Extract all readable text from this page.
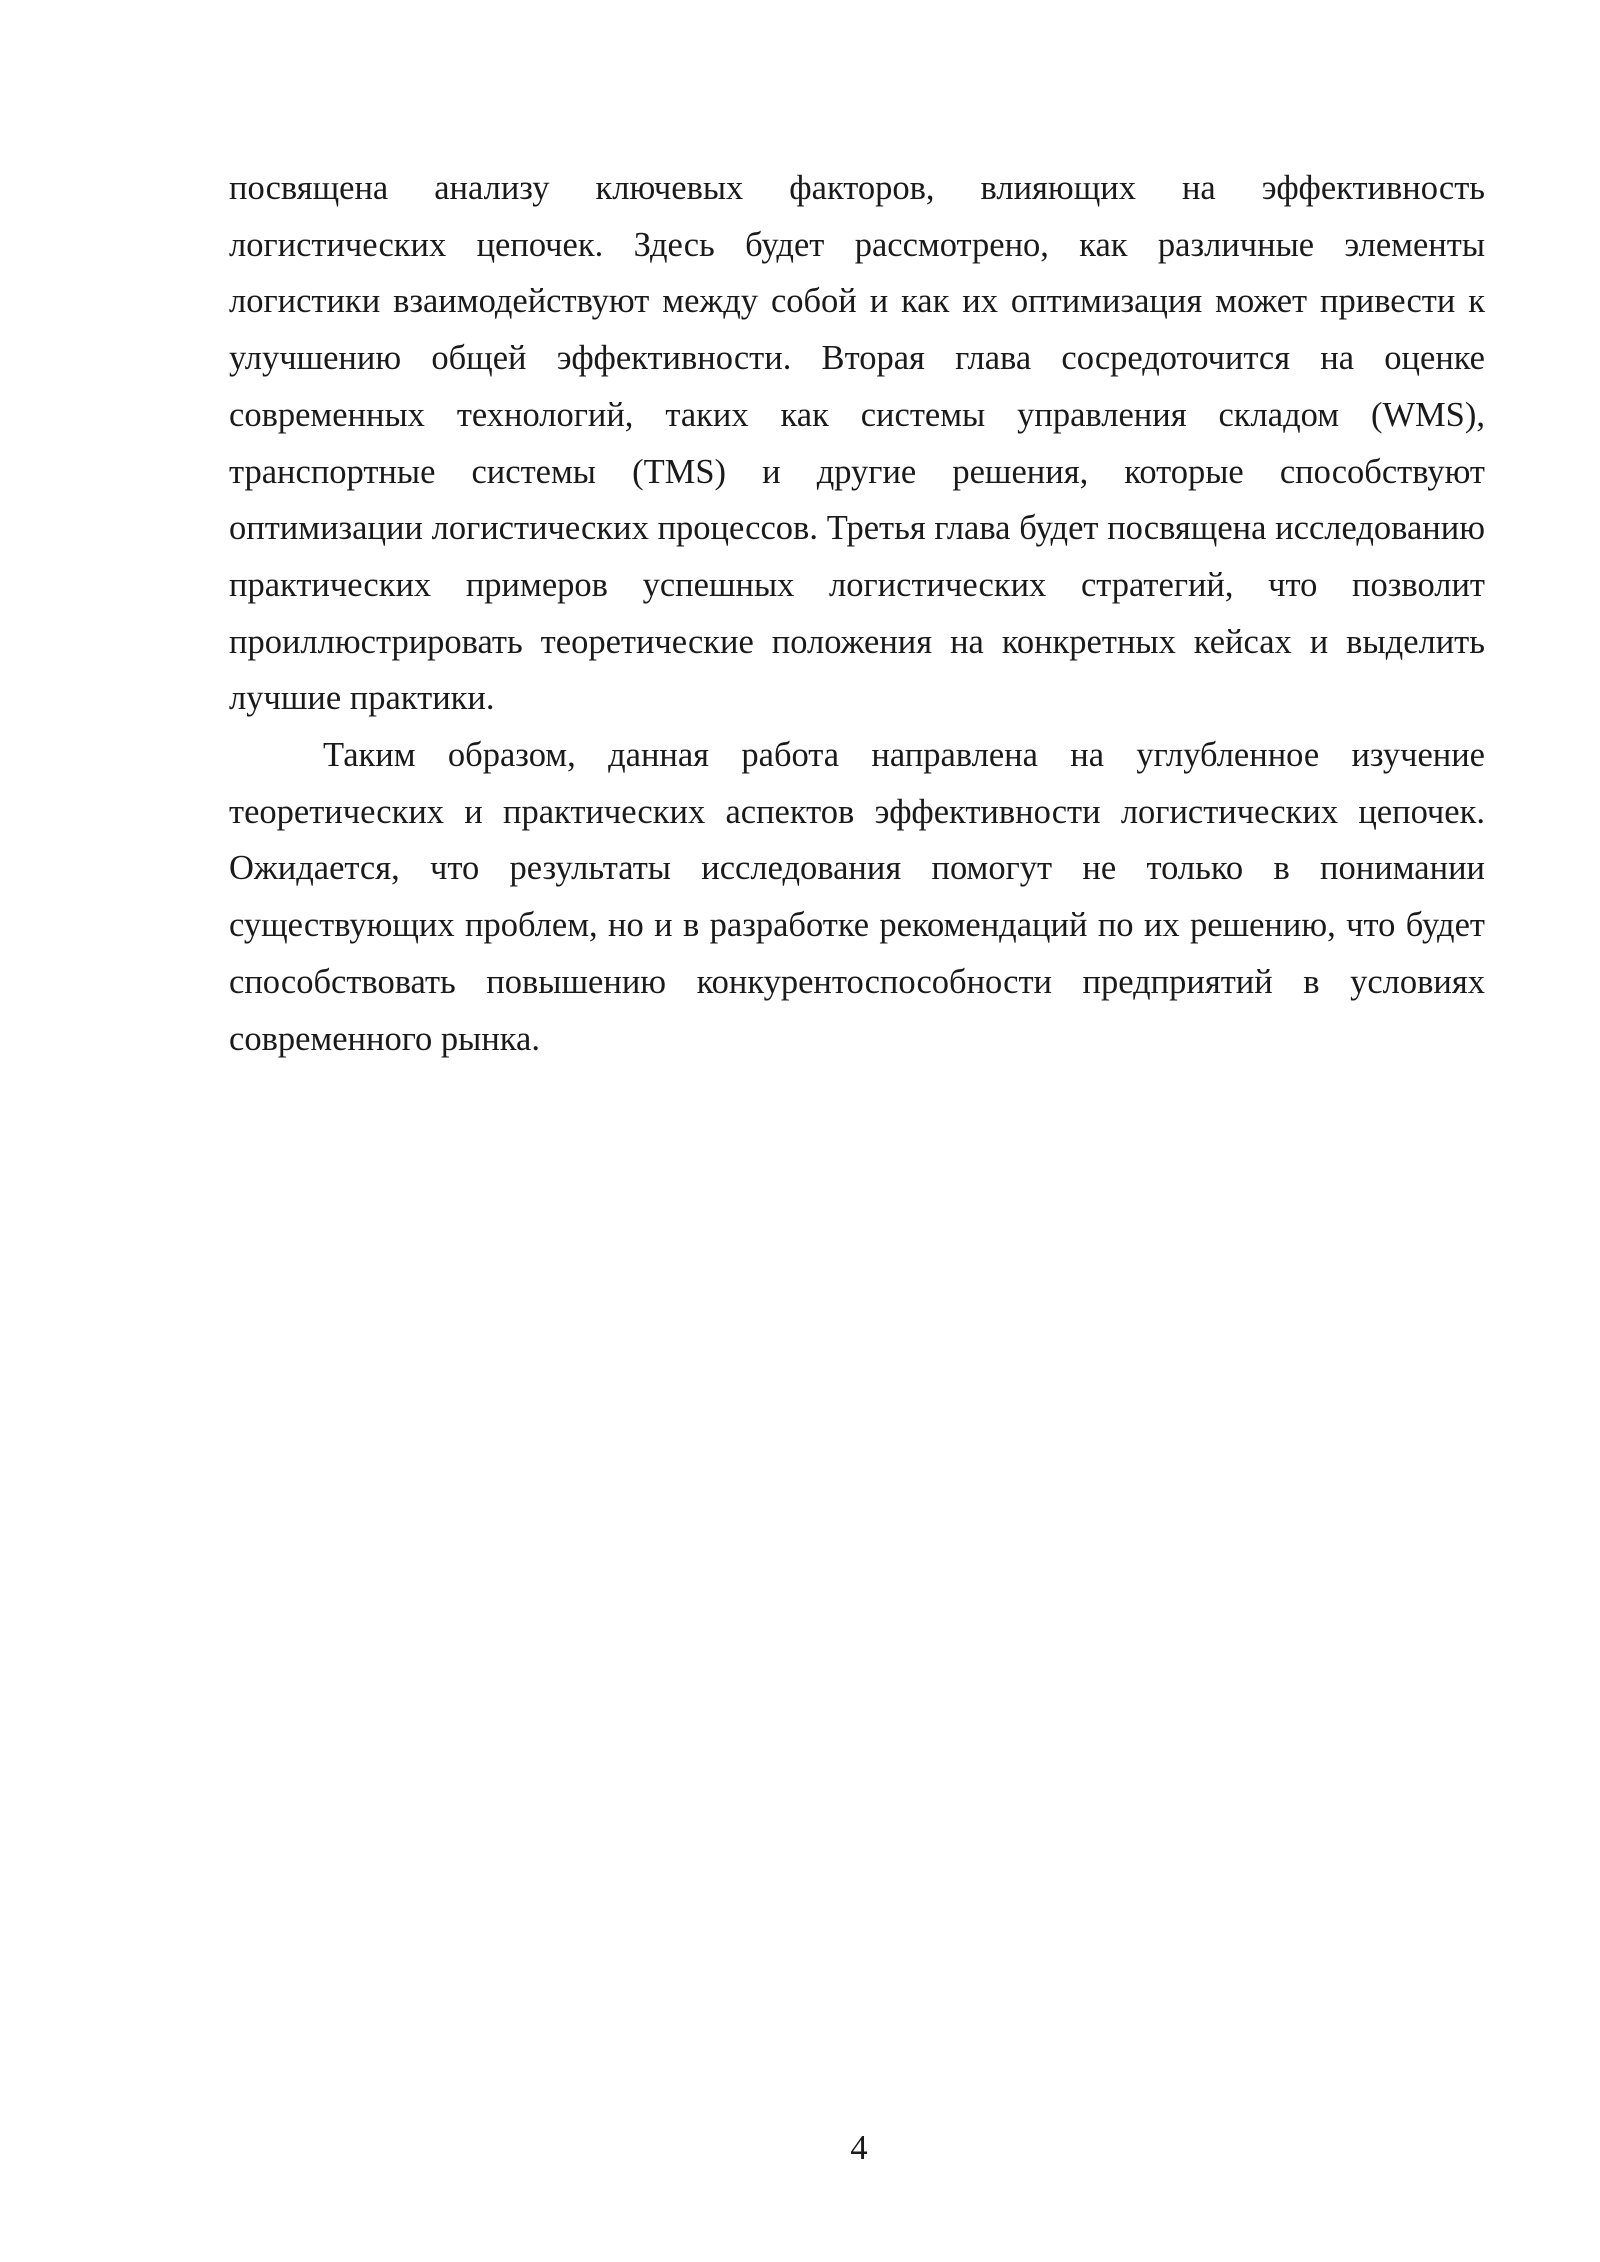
посвящена анализу ключевых факторов, влияющих на эффективность логистических цепочек. Здесь будет рассмотрено, как различные элементы логистики взаимодействуют между собой и как их оптимизация может привести к улучшению общей эффективности. Вторая глава сосредоточится на оценке современных технологий, таких как системы управления складом (WMS), транспортные системы (TMS) и другие решения, которые способствуют оптимизации логистических процессов. Третья глава будет посвящена исследованию практических примеров успешных логистических стратегий, что позволит проиллюстрировать теоретические положения на конкретных кейсах и выделить лучшие практики.

Таким образом, данная работа направлена на углубленное изучение теоретических и практических аспектов эффективности логистических цепочек. Ожидается, что результаты исследования помогут не только в понимании существующих проблем, но и в разработке рекомендаций по их решению, что будет способствовать повышению конкурентоспособности предприятий в условиях современного рынка.

4
